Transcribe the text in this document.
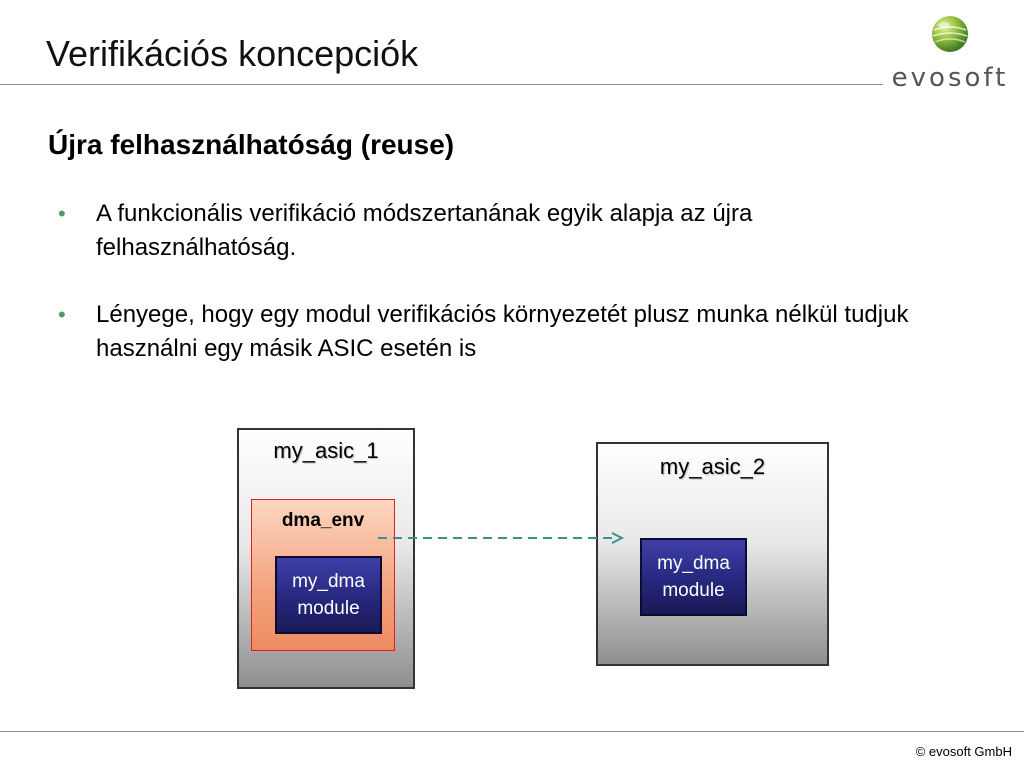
Verifikációs koncepciók
evosoft
Újra felhasználhatóság (reuse)
• A funkcionális verifikáció módszertanának egyik alapja az újra felhasználhatóság.
• Lényege, hogy egy modul verifikációs környezetét plusz munka nélkül tudjuk használni egy másik ASIC esetén is
my_asic_1
dma_env
my_dma
module
my_asic_2
my_dma
module
© evosoft GmbH
